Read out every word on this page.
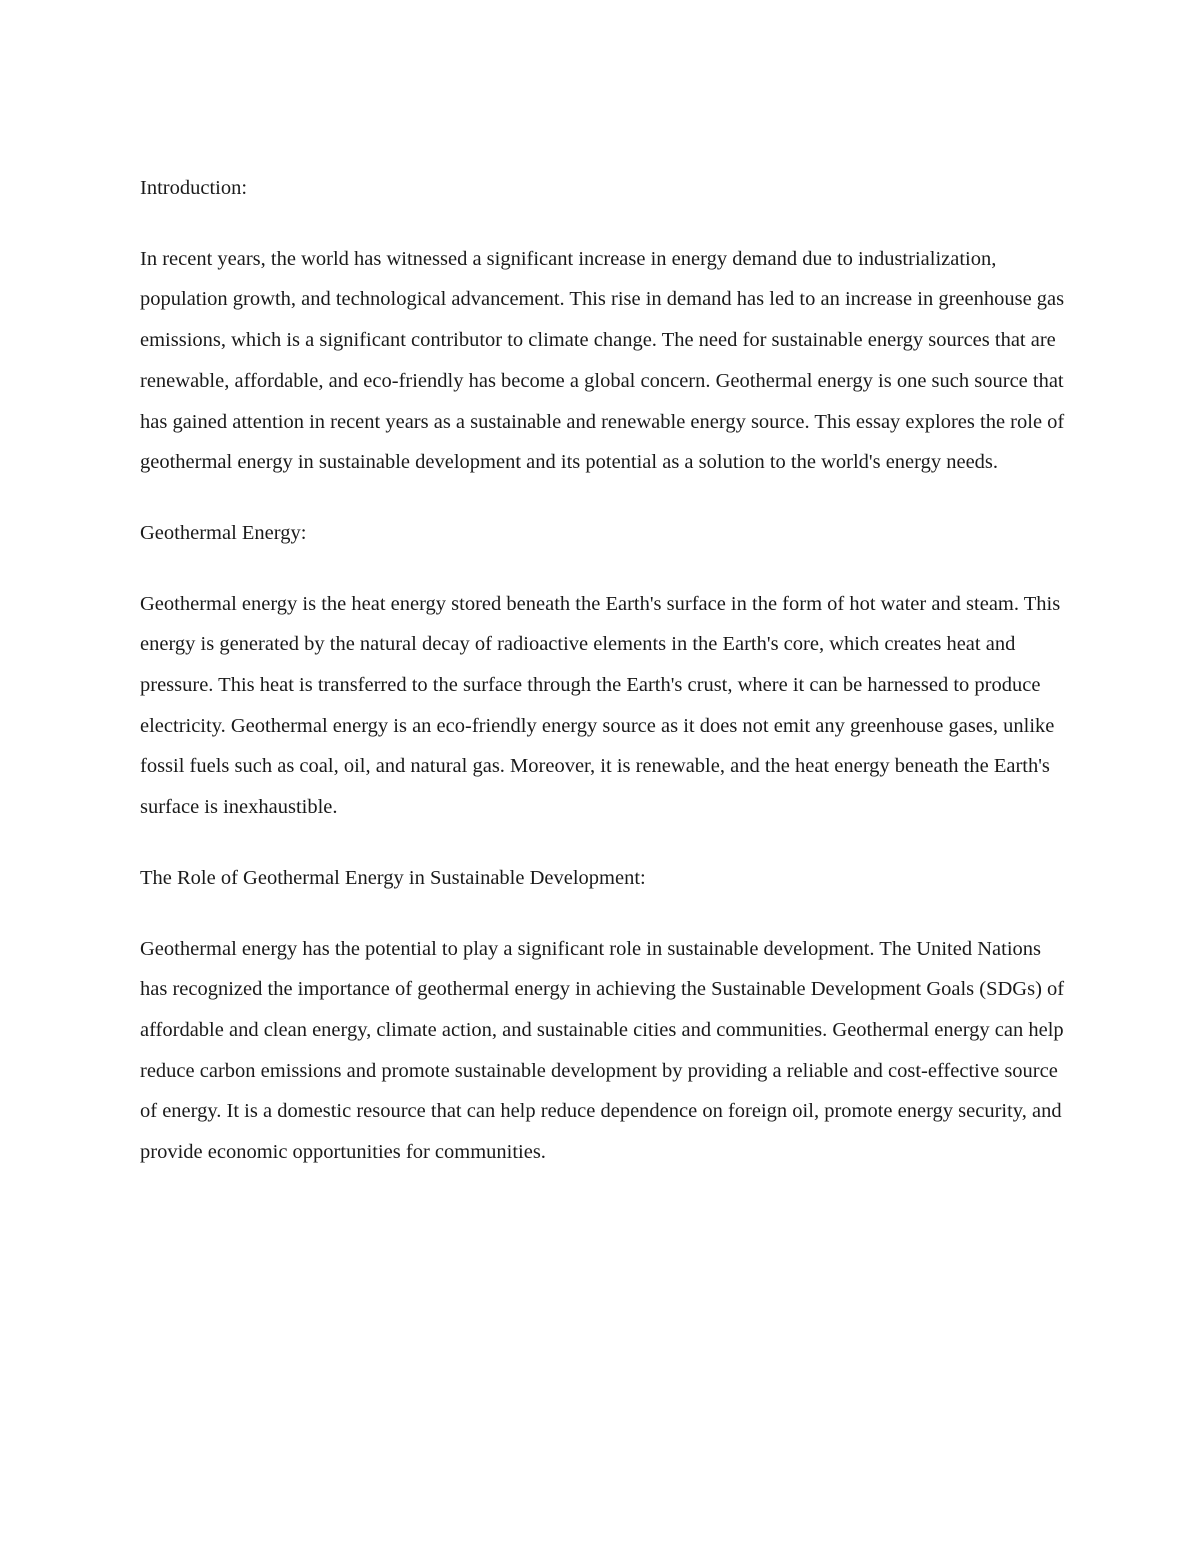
Introduction:

In recent years, the world has witnessed a significant increase in energy demand due to industrialization, population growth, and technological advancement. This rise in demand has led to an increase in greenhouse gas emissions, which is a significant contributor to climate change. The need for sustainable energy sources that are renewable, affordable, and eco-friendly has become a global concern. Geothermal energy is one such source that has gained attention in recent years as a sustainable and renewable energy source. This essay explores the role of geothermal energy in sustainable development and its potential as a solution to the world's energy needs.

Geothermal Energy:

Geothermal energy is the heat energy stored beneath the Earth's surface in the form of hot water and steam. This energy is generated by the natural decay of radioactive elements in the Earth's core, which creates heat and pressure. This heat is transferred to the surface through the Earth's crust, where it can be harnessed to produce electricity. Geothermal energy is an eco-friendly energy source as it does not emit any greenhouse gases, unlike fossil fuels such as coal, oil, and natural gas. Moreover, it is renewable, and the heat energy beneath the Earth's surface is inexhaustible.

The Role of Geothermal Energy in Sustainable Development:

Geothermal energy has the potential to play a significant role in sustainable development. The United Nations has recognized the importance of geothermal energy in achieving the Sustainable Development Goals (SDGs) of affordable and clean energy, climate action, and sustainable cities and communities. Geothermal energy can help reduce carbon emissions and promote sustainable development by providing a reliable and cost-effective source of energy. It is a domestic resource that can help reduce dependence on foreign oil, promote energy security, and provide economic opportunities for communities.
